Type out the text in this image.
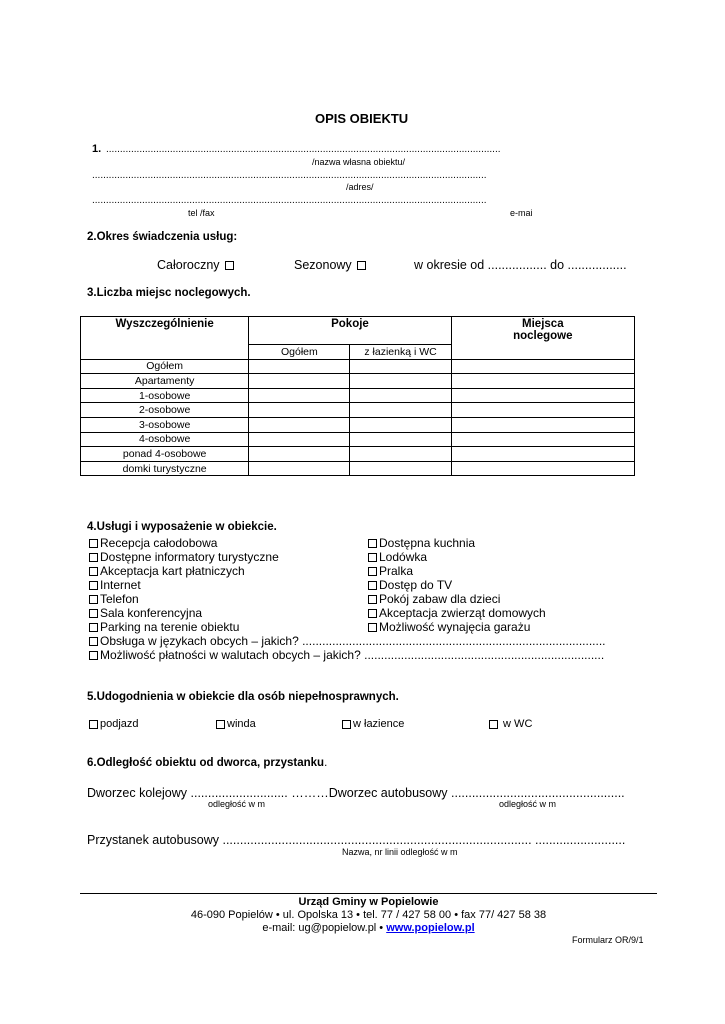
OPIS OBIEKTU
1. ..............................................................................................................................................
/nazwa własna obiektu/
..............................................................................................................................................
/adres/
..............................................................................................................................................
tel /fax	e-mai
2.Okres świadczenia usług:
Całoroczny	Sezonowy	w okresie od ................. do .................
3.Liczba miejsc noclegowych.
Wyszczególnienie	Pokoje		Miejsca
noclegowe
	Ogółem	z łazienką i WC	
Ogółem			
Apartamenty			
1-osobowe			
2-osobowe			
3-osobowe			
4-osobowe			
ponad 4-osobowe			
domki turystyczne			
4.Usługi i wyposażenie w obiekcie.
Recepcja całodobowa
Dostępne informatory turystyczne
Akceptacja kart płatniczych
Internet
Telefon
Sala konferencyjna
Parking na terenie obiektu
Dostępna kuchnia
Lodówka
Pralka
Dostęp do TV
Pokój zabaw dla dzieci
Akceptacja zwierząt domowych
Możliwość wynajęcia garażu
Obsługa w językach obcych – jakich? ...........................................................................................
Możliwość płatności w walutach obcych – jakich? ........................................................................
5.Udogodnienia w obiekcie dla osób niepełnosprawnych.
podjazd	winda	w łazience	w WC
6.Odległość obiektu od dworca, przystanku.
Dworzec kolejowy ............................ ………Dworzec autobusowy ..................................................
odległość w m	odległość w m
Przystanek autobusowy ......................................................................................... ..........................
Nazwa, nr linii odległość w m
Urząd Gminy w Popielowie
46-090 Popielów • ul. Opolska 13 • tel. 77 / 427 58 00 • fax 77/ 427 58 38
e-mail: ug@popielow.pl • www.popielow.pl
Formularz OR/9/1
